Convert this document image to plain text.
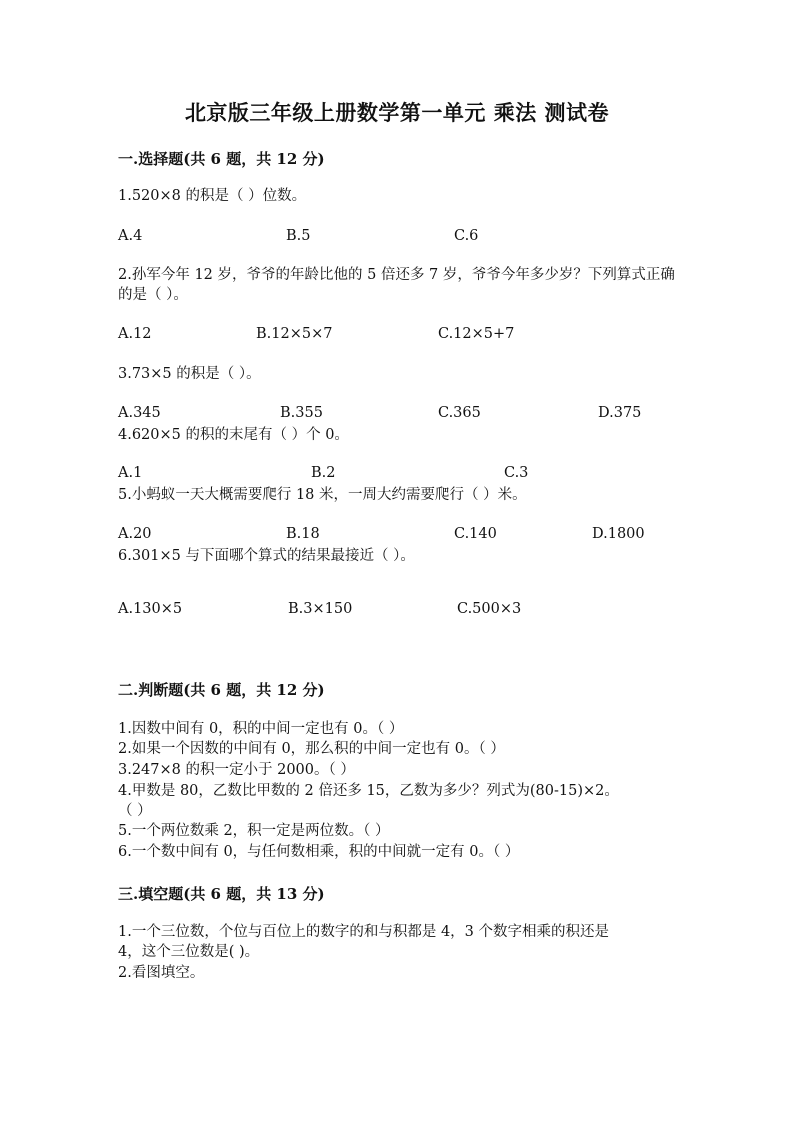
北京版三年级上册数学第一单元 乘法 测试卷
一.选择题(共 6 题，共 12 分)
1.520×8 的积是（ ）位数。
A.4	B.5	C.6
2.孙军今年 12 岁，爷爷的年龄比他的 5 倍还多 7 岁，爷爷今年多少岁？下列算式正确的是（ ）。
A.12	B.12×5×7	C.12×5+7
3.73×5 的积是（ ）。
A.345	B.355	C.365	D.375
4.620×5 的积的末尾有（ ）个 0。
A.1	B.2	C.3
5.小蚂蚁一天大概需要爬行 18 米，一周大约需要爬行（ ）米。
A.20	B.18	C.140	D.1800
6.301×5 与下面哪个算式的结果最接近（ ）。
A.130×5	B.3×150	C.500×3
二.判断题(共 6 题，共 12 分)
1.因数中间有 0，积的中间一定也有 0。（ ）
2.如果一个因数的中间有 0，那么积的中间一定也有 0。（ ）
3.247×8 的积一定小于 2000。（ ）
4.甲数是 80，乙数比甲数的 2 倍还多 15，乙数为多少？列式为(80-15)×2。
（ ）
5.一个两位数乘 2，积一定是两位数。（ ）
6.一个数中间有 0，与任何数相乘，积的中间就一定有 0。（ ）
三.填空题(共 6 题，共 13 分)
1.一个三位数，个位与百位上的数字的和与积都是 4，3 个数字相乘的积还是
4，这个三位数是( )。
2.看图填空。
